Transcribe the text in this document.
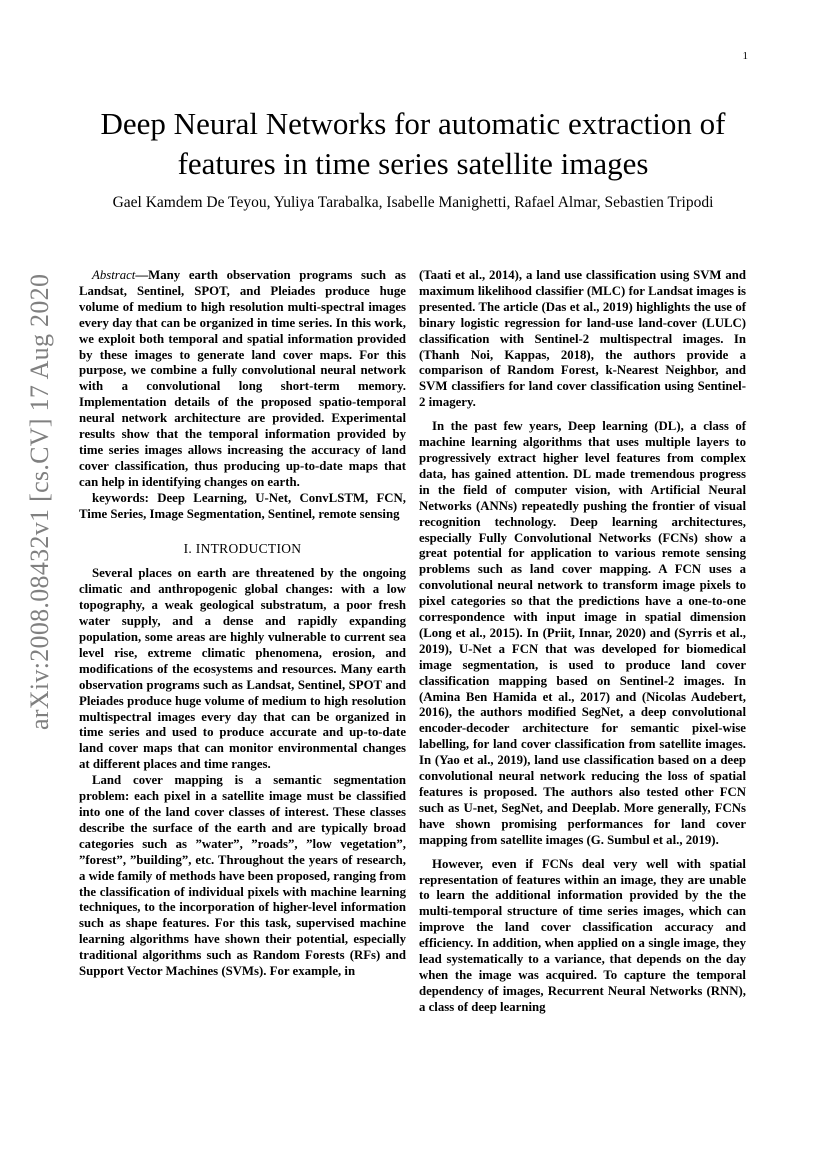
1
arXiv:2008.08432v1 [cs.CV] 17 Aug 2020
Deep Neural Networks for automatic extraction of features in time series satellite images
Gael Kamdem De Teyou, Yuliya Tarabalka, Isabelle Manighetti, Rafael Almar, Sebastien Tripodi

Abstract—Many earth observation programs such as Landsat, Sentinel, SPOT, and Pleiades produce huge volume of medium to high resolution multi-spectral images every day that can be organized in time series. In this work, we exploit both temporal and spatial information provided by these images to generate land cover maps. For this purpose, we combine a fully convolutional neural network with a convolutional long short-term memory. Implementation details of the proposed spatio-temporal neural network architecture are provided. Experimental results show that the temporal information provided by time series images allows increasing the accuracy of land cover classification, thus producing up-to-date maps that can help in identifying changes on earth.

keywords: Deep Learning, U-Net, ConvLSTM, FCN, Time Series, Image Segmentation, Sentinel, remote sensing

I. INTRODUCTION

Several places on earth are threatened by the ongoing climatic and anthropogenic global changes: with a low topography, a weak geological substratum, a poor fresh water supply, and a dense and rapidly expanding population, some areas are highly vulnerable to current sea level rise, extreme climatic phenomena, erosion, and modifications of the ecosystems and resources. Many earth observation programs such as Landsat, Sentinel, SPOT and Pleiades produce huge volume of medium to high resolution multispectral images every day that can be organized in time series and used to produce accurate and up-to-date land cover maps that can monitor environmental changes at different places and time ranges.

Land cover mapping is a semantic segmentation problem: each pixel in a satellite image must be classified into one of the land cover classes of interest. These classes describe the surface of the earth and are typically broad categories such as ”water”, ”roads”, ”low vegetation”, ”forest”, ”building”, etc. Throughout the years of research, a wide family of methods have been proposed, ranging from the classification of individual pixels with machine learning techniques, to the incorporation of higher-level information such as shape features. For this task, supervised machine learning algorithms have shown their potential, especially traditional algorithms such as Random Forests (RFs) and Support Vector Machines (SVMs). For example, in

(Taati et al., 2014), a land use classification using SVM and maximum likelihood classifier (MLC) for Landsat images is presented. The article (Das et al., 2019) highlights the use of binary logistic regression for land-use land-cover (LULC) classification with Sentinel-2 multispectral images. In (Thanh Noi, Kappas, 2018), the authors provide a comparison of Random Forest, k-Nearest Neighbor, and SVM classifiers for land cover classification using Sentinel-2 imagery.

In the past few years, Deep learning (DL), a class of machine learning algorithms that uses multiple layers to progressively extract higher level features from complex data, has gained attention. DL made tremendous progress in the field of computer vision, with Artificial Neural Networks (ANNs) repeatedly pushing the frontier of visual recognition technology. Deep learning architectures, especially Fully Convolutional Networks (FCNs) show a great potential for application to various remote sensing problems such as land cover mapping. A FCN uses a convolutional neural network to transform image pixels to pixel categories so that the predictions have a one-to-one correspondence with input image in spatial dimension (Long et al., 2015). In (Priit, Innar, 2020) and (Syrris et al., 2019), U-Net a FCN that was developed for biomedical image segmentation, is used to produce land cover classification mapping based on Sentinel-2 images. In (Amina Ben Hamida et al., 2017) and (Nicolas Audebert, 2016), the authors modified SegNet, a deep convolutional encoder-decoder architecture for semantic pixel-wise labelling, for land cover classification from satellite images. In (Yao et al., 2019), land use classification based on a deep convolutional neural network reducing the loss of spatial features is proposed. The authors also tested other FCN such as U-net, SegNet, and Deeplab. More generally, FCNs have shown promising performances for land cover mapping from satellite images (G. Sumbul et al., 2019).

However, even if FCNs deal very well with spatial representation of features within an image, they are unable to learn the additional information provided by the the multi-temporal structure of time series images, which can improve the land cover classification accuracy and efficiency. In addition, when applied on a single image, they lead systematically to a variance, that depends on the day when the image was acquired. To capture the temporal dependency of images, Recurrent Neural Networks (RNN), a class of deep learning
